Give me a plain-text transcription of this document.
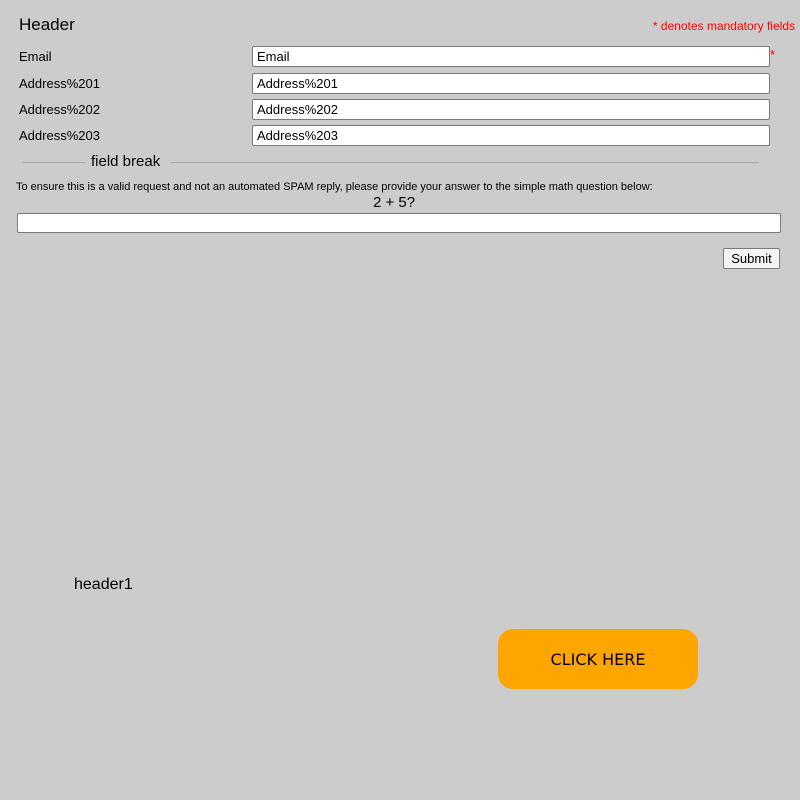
Header	* denotes mandatory fields
Email
Email	*
Address%201
Address%201
Address%202
Address%202
Address%203
Address%203
field break
To ensure this is a valid request and not an automated SPAM reply, please provide your answer to the simple math question below:
2 + 5?
Submit
header1
CLICK HERE
